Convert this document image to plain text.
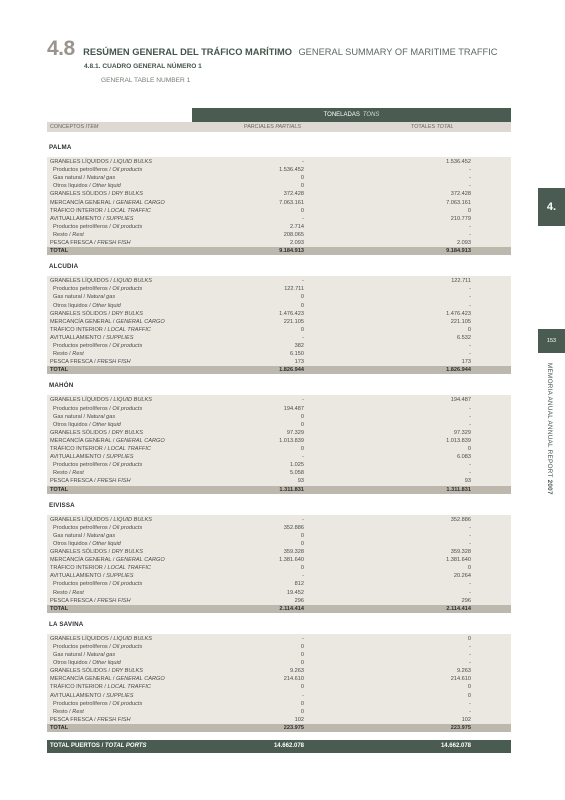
4.8 RESÚMEN GENERAL DEL TRÁFICO MARÍTIMO GENERAL SUMMARY OF MARITIME TRAFFIC
4.8.1. CUADRO GENERAL NÚMERO 1
GENERAL TABLE NUMBER 1
4.
153
MEMORIA ANUAL ANNUAL REPORT 2007
TONELADAS TONS
CONCEPTOS ITEM	PARCIALES PARTIALS	TOTALES TOTAL
PALMA
GRANELES LÍQUIDOS / LIQUID BULKS	-	1.536.452
Productos petrolíferos / Oil products	1.536.452	-
Gas natural / Natural gas	0	-
Otros líquidos / Other liquid	0	-
GRANELES SÓLIDOS / DRY BULKS	372.428	372.428
MERCANCÍA GENERAL / GENERAL CARGO	7.063.161	7.063.161
TRÁFICO INTERIOR / LOCAL TRAFFIC	0	0
AVITUALLAMIENTO / SUPPLIES	-	210.779
Productos petrolíferos / Oil products	2.714	-
Resto / Rest	208.065	-
PESCA FRESCA / FRESH FISH	2.093	2.093
TOTAL	9.184.913	9.184.913
ALCUDIA
GRANELES LÍQUIDOS / LIQUID BULKS	-	122.711
Productos petrolíferos / Oil products	122.711	-
Gas natural / Natural gas	0	-
Otros líquidos / Other liquid	0	-
GRANELES SÓLIDOS / DRY BULKS	1.476.423	1.476.423
MERCANCÍA GENERAL / GENERAL CARGO	221.105	221.105
TRÁFICO INTERIOR / LOCAL TRAFFIC	0	0
AVITUALLAMIENTO / SUPPLIES	-	6.532
Productos petrolíferos / Oil products	382	-
Resto / Rest	6.150	-
PESCA FRESCA / FRESH FISH	173	173
TOTAL	1.826.944	1.826.944
MAHÓN
GRANELES LÍQUIDOS / LIQUID BULKS	-	194.487
Productos petrolíferos / Oil products	194.487	-
Gas natural / Natural gas	0	-
Otros líquidos / Other liquid	0	-
GRANELES SÓLIDOS / DRY BULKS	97.329	97.329
MERCANCÍA GENERAL / GENERAL CARGO	1.013.839	1.013.839
TRÁFICO INTERIOR / LOCAL TRAFFIC	0	0
AVITUALLAMIENTO / SUPPLIES	-	6.083
Productos petrolíferos / Oil products	1.025	-
Resto / Rest	5.058	-
PESCA FRESCA / FRESH FISH	93	93
TOTAL	1.311.831	1.311.831
EIVISSA
GRANELES LÍQUIDOS / LIQUID BULKS	-	352.886
Productos petrolíferos / Oil products	352.886	-
Gas natural / Natural gas	0	-
Otros líquidos / Other liquid	0	-
GRANELES SÓLIDOS / DRY BULKS	359.328	359.328
MERCANCÍA GENERAL / GENERAL CARGO	1.381.640	1.381.640
TRÁFICO INTERIOR / LOCAL TRAFFIC	0	0
AVITUALLAMIENTO / SUPPLIES	-	20.264
Productos petrolíferos / Oil products	812	-
Resto / Rest	19.452	-
PESCA FRESCA / FRESH FISH	296	296
TOTAL	2.114.414	2.114.414
LA SAVINA
GRANELES LÍQUIDOS / LIQUID BULKS	-	0
Productos petrolíferos / Oil products	0	-
Gas natural / Natural gas	0	-
Otros líquidos / Other liquid	0	-
GRANELES SÓLIDOS / DRY BULKS	9.263	9.263
MERCANCÍA GENERAL / GENERAL CARGO	214.610	214.610
TRÁFICO INTERIOR / LOCAL TRAFFIC	0	0
AVITUALLAMIENTO / SUPPLIES	-	0
Productos petrolíferos / Oil products	0	-
Resto / Rest	0	-
PESCA FRESCA / FRESH FISH	102	102
TOTAL	223.975	223.975
TOTAL PUERTOS / TOTAL PORTS	14.662.078	14.662.078
